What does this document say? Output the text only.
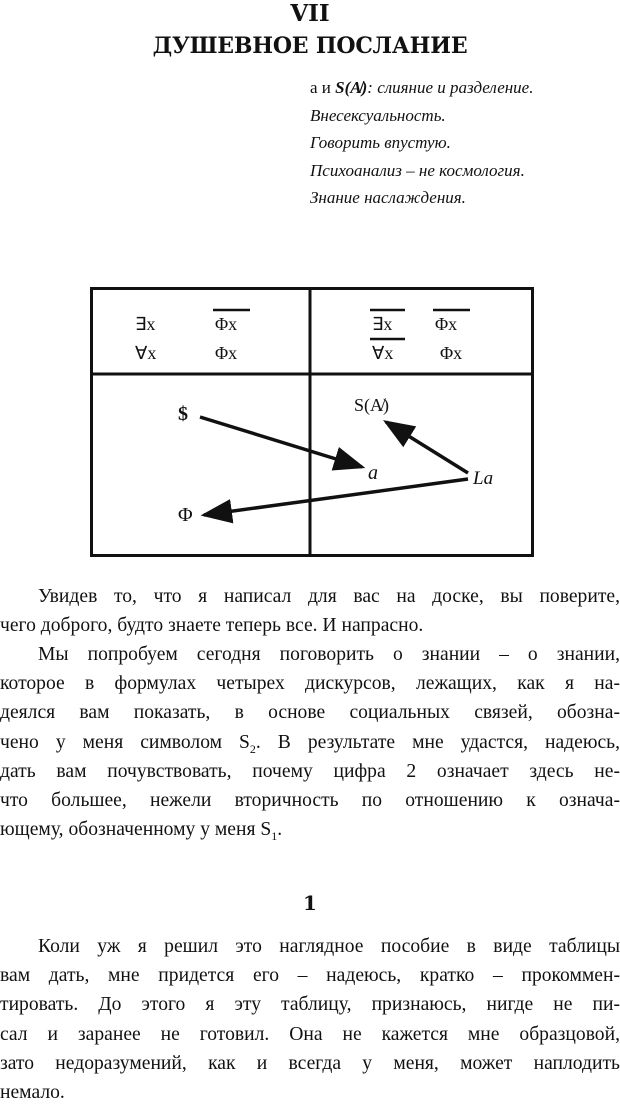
VII
ДУШЕВНОЕ ПОСЛАНИЕ
а и S(A̸): слияние и разделение.
Внесексуальность.
Говорить впустую.
Психоанализ – не космология.
Знание наслаждения.
∃x	Φx
∀x	Φx
∃x Φx
∀x	Φx
$
a
Φ
S(A̸)
La
Увидев то, что я написал для вас на доске, вы поверите,
чего доброго, будто знаете теперь все. И напрасно.
Мы попробуем сегодня поговорить о знании – о знании,
которое в формулах четырех дискурсов, лежащих, как я на-
деялся вам показать, в основе социальных связей, обозна-
чено у меня символом $S_2$. В результате мне удастся, надеюсь,
дать вам почувствовать, почему цифра 2 означает здесь не-
что большее, нежели вторичность по отношению к означа-
ющему, обозначенному у меня $S_1$.
1
Коли уж я решил это наглядное пособие в виде таблицы
вам дать, мне придется его – надеюсь, кратко – прокоммен-
тировать. До этого я эту таблицу, признаюсь, нигде не пи-
сал и заранее не готовил. Она не кажется мне образцовой,
зато недоразумений, как и всегда у меня, может наплодить
немало.
